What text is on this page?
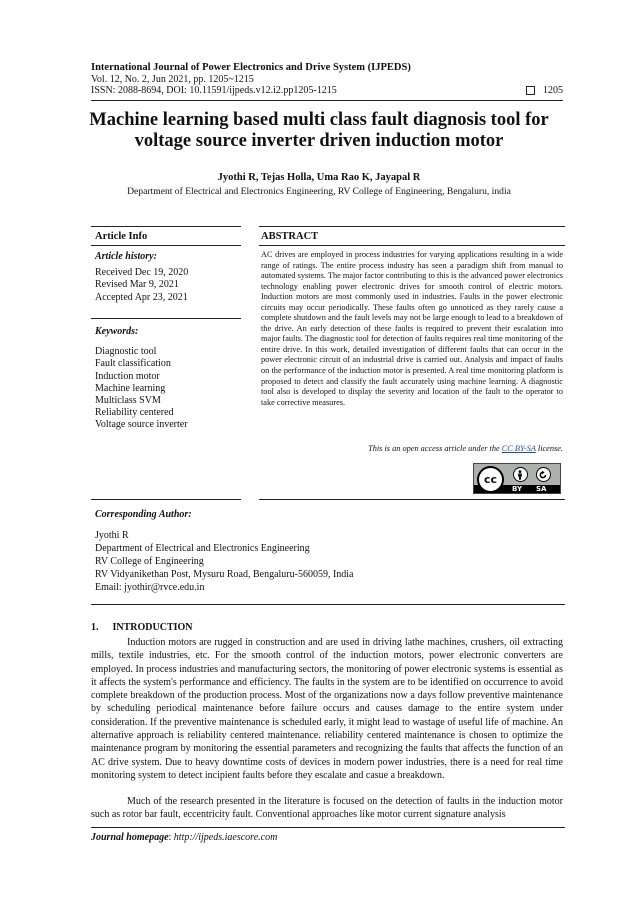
International Journal of Power Electronics and Drive System (IJPEDS)
Vol. 12, No. 2, Jun 2021, pp. 1205~1215
ISSN: 2088-8694, DOI: 10.11591/ijpeds.v12.i2.pp1205-1215	1205
Machine learning based multi class fault diagnosis tool for
voltage source inverter driven induction motor
Jyothi R, Tejas Holla, Uma Rao K, Jayapal R
Department of Electrical and Electronics Engineering, RV College of Engineering, Bengaluru, india
Article Info	ABSTRACT
Article history:
Received Dec 19, 2020
Revised Mar 9, 2021
Accepted Apr 23, 2021
Keywords:
Diagnostic tool
Fault classification
Induction motor
Machine learning
Multiclass SVM
Reliability centered
Voltage source inverter
AC drives are employed in process industries for varying applications resulting in a wide range of ratings. The entire process industry has seen a paradigm shift from manual to automated systems. The major factor contributing to this is the advanced power electronics technology enabling power electronic drives for smooth control of electric motors. Induction motors are most commonly used in industries. Faults in the power electronic circuits may occur periodically. These faults often go unnoticed as they rarely cause a complete shutdown and the fault levels may not be large enough to lead to a breakdown of the drive. An early detection of these faults is required to prevent their escalation into major faults. The diagnostic tool for detection of faults requires real time monitoring of the entire drive. In this work, detailed investigation of different faults that can occur in the power electronic circuit of an industrial drive is carried out. Analysis and impact of faults on the performance of the induction motor is presented. A real time monitoring platform is proposed to detect and classify the fault accurately using machine learning. A diagnostic tool also is developed to display the severity and location of the fault to the operator to take corrective measures.
This is an open access article under the CC BY-SA license.
cc
BY SA
Corresponding Author:
Jyothi R
Department of Electrical and Electronics Engineering
RV College of Engineering
RV Vidyanikethan Post, Mysuru Road, Bengaluru-560059, India
Email: jyothir@rvce.edu.in
1. INTRODUCTION

Induction motors are rugged in construction and are used in driving lathe machines, crushers, oil extracting mills, textile industries, etc. For the smooth control of the induction motors, power electronic converters are employed. In process industries and manufacturing sectors, the monitoring of power electronic systems is essential as it affects the system's performance and efficiency. The faults in the system are to be identified on occurrence to avoid complete breakdown of the production process. Most of the organizations now a days follow preventive maintenance by scheduling periodical maintenance before failure occurs and causes damage to the entire system under consideration. If the preventive maintenance is scheduled early, it might lead to wastage of useful life of machine. An alternative approach is reliability centered maintenance. reliability centered maintenance is chosen to optimize the maintenance program by monitoring the essential parameters and recognizing the faults that affects the function of an AC drive system. Due to heavy downtime costs of devices in modern power industries, there is a need for real time monitoring system to detect incipient faults before they escalate and casue a breakdown.

Much of the research presented in the literature is focused on the detection of faults in the induction motor such as rotor bar fault, eccentricity fault. Conventional approaches like motor current signature analysis

Journal homepage: http://ijpeds.iaescore.com
